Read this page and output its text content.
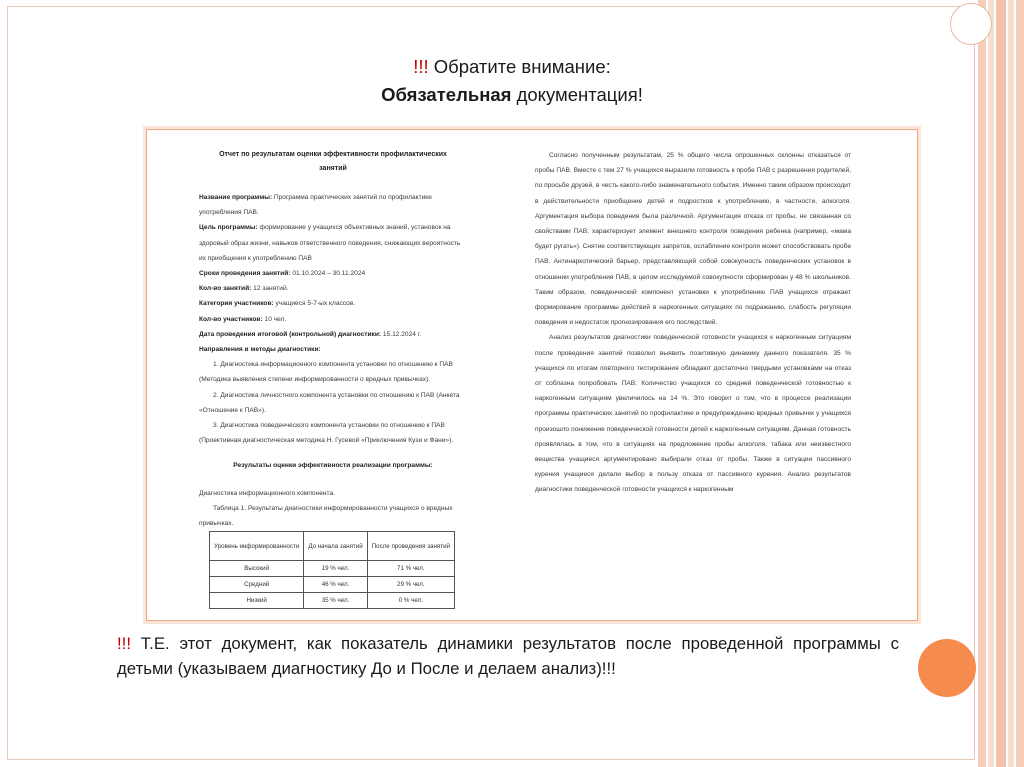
!!! Обратите внимание:
Обязательная документация!
Отчет по результатам оценки эффективности профилактических занятий

Название программы: Программа практических занятий по профилактике употребления ПАВ.

Цель программы: формирование у учащихся объективных знаний, установок на здоровый образ жизни, навыков ответственного поведения, снижающих вероятность их приобщения к употреблению ПАВ

Сроки проведения занятий: 01.10.2024 – 30.11.2024

Кол-во занятий: 12 занятий.

Категория участников: учащиеся 5-7-ых классов.

Кол-во участников: 10 чел.

Дата проведения итоговой (контрольной) диагностики: 15.12.2024 г.

Направления и методы диагностики:

1. Диагностика информационного компонента установки по отношению к ПАВ (Методика выявления степени информированности о вредных привычках).

2. Диагностика личностного компонента установки по отношению к ПАВ (Анкета «Отношение к ПАВ»).

3. Диагностика поведенческого компонента установки по отношению к ПАВ (Проективная диагностическая методика Н. Гусевой «Приключения Кузи и Фани»).

Результаты оценки эффективности реализации программы:

Диагностика информационного компонента.

Таблица 1. Результаты диагностики информированности учащихся о вредных привычках.

Уровень информированности	До начала занятий	После проведения занятий
Высокий	19 % чел.	71 % чел.
Средний	46 % чел.	29 % чел.
Низкий	35 % чел.	0 % чел.

Согласно полученным результатам, 25 % общего числа опрошенных склонны отказаться от пробы ПАВ. Вместе с тем 27 % учащихся выразили готовность к пробе ПАВ с разрешения родителей, по просьбе друзей, в честь какого-либо знаменательного события. Именно таким образом происходит в действительности приобщение детей и подростков к употреблению, в частности, алкоголя. Аргументация выбора поведения была различной. Аргументация отказа от пробы, не связанная со свойствами ПАВ, характеризует элемент внешнего контроля поведения ребенка (например, «мама будет ругать»). Снятие соответствующих запретов, ослабление контроля может способствовать пробе ПАВ. Антинаркотический барьер, представляющий собой совокупность поведенческих установок в отношении употребления ПАВ, в целом исследуемой совокупности сформирован у 48 % школьников. Таким образом, поведенческий компонент установки к употреблению ПАВ учащихся отражает формирование программы действий в наркогенных ситуациях по подражанию, слабость регуляции поведения и недостаток прогнозирования его последствий.

Анализ результатов диагностики поведенческой готовности учащихся к наркогенным ситуациям после проведения занятий позволил выявить позитивную динамику данного показателя. 35 % учащихся по итогам повторного тестирования обладают достаточно твердыми установками на отказ от соблазна попробовать ПАВ. Количество учащихся со средней поведенческой готовностью к наркогенным ситуациям увеличилось на 14 %. Это говорит о том, что в процессе реализации программы практических занятий по профилактике и предупреждению вредных привычек у учащихся произошло понижение поведенческой готовности детей к наркогенным ситуациям. Данная готовность проявлялась в том, что в ситуациях на предложение пробы алкоголя, табака или неизвестного вещества учащиеся аргументировано выбирали отказ от пробы. Также в ситуации пассивного курения учащиеся делали выбор в пользу отказа от пассивного курения. Анализ результатов диагностики поведенческой готовности учащихся к наркогенным

!!! Т.Е. этот документ, как показатель динамики результатов после проведенной программы с детьми (указываем диагностику До и После и делаем анализ)!!!
